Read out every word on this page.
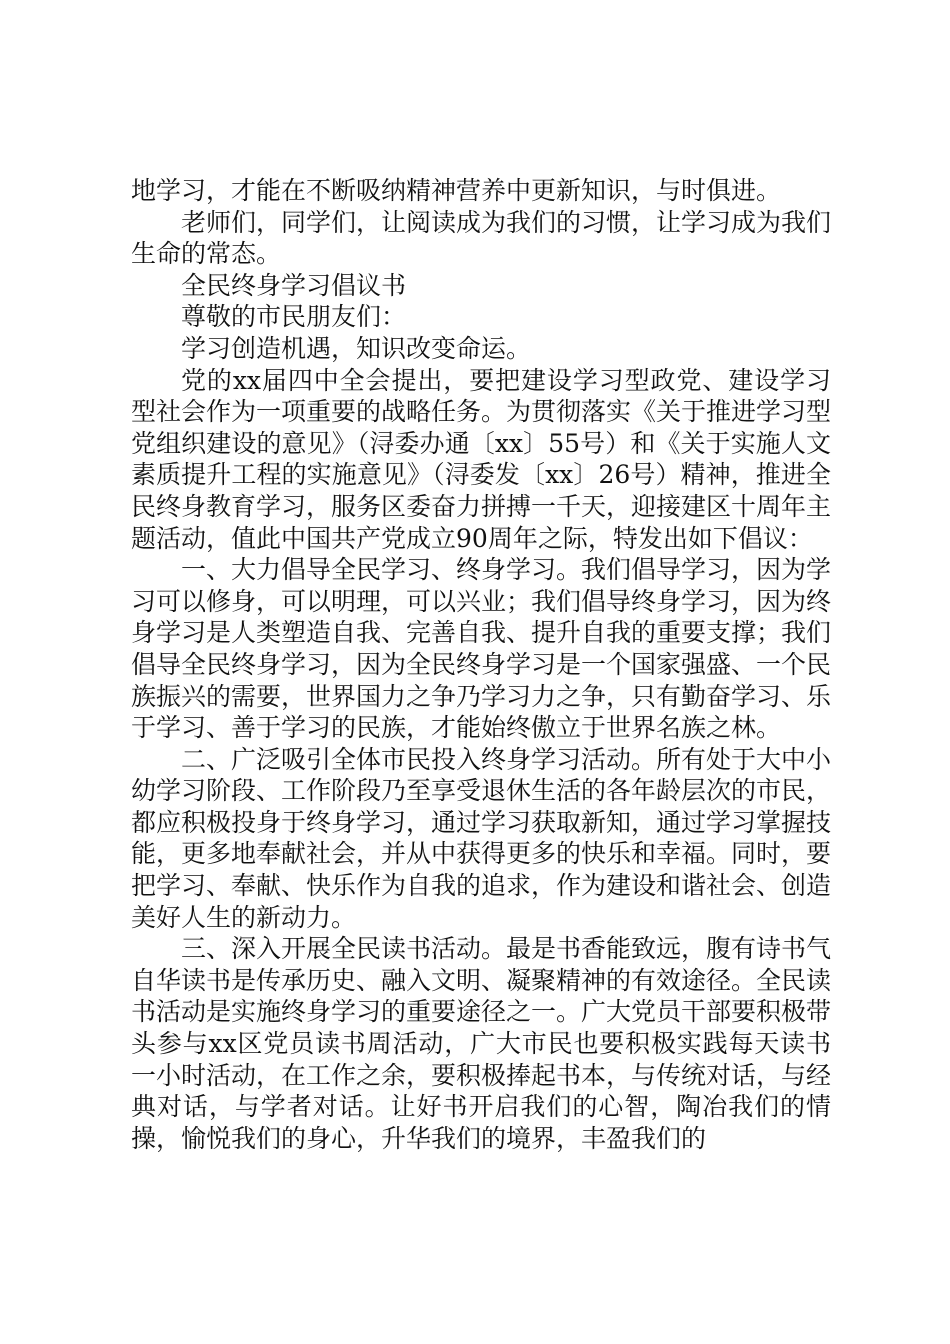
地学习，才能在不断吸纳精神营养中更新知识，与时俱进。

老师们，同学们，让阅读成为我们的习惯，让学习成为我们生命的常态。

全民终身学习倡议书

尊敬的市民朋友们：

学习创造机遇，知识改变命运。

党的xx届四中全会提出，要把建设学习型政党、建设学习型社会作为一项重要的战略任务。为贯彻落实《关于推进学习型党组织建设的意见》（浔委办通〔xx〕55号）和《关于实施人文素质提升工程的实施意见》（浔委发〔xx〕26号）精神，推进全民终身教育学习，服务区委奋力拼搏一千天，迎接建区十周年主题活动，值此中国共产党成立90周年之际，特发出如下倡议：

一、大力倡导全民学习、终身学习。我们倡导学习，因为学习可以修身，可以明理，可以兴业；我们倡导终身学习，因为终身学习是人类塑造自我、完善自我、提升自我的重要支撑；我们倡导全民终身学习，因为全民终身学习是一个国家强盛、一个民族振兴的需要，世界国力之争乃学习力之争，只有勤奋学习、乐于学习、善于学习的民族，才能始终傲立于世界名族之林。

二、广泛吸引全体市民投入终身学习活动。所有处于大中小幼学习阶段、工作阶段乃至享受退休生活的各年龄层次的市民，都应积极投身于终身学习，通过学习获取新知，通过学习掌握技能，更多地奉献社会，并从中获得更多的快乐和幸福。同时，要把学习、奉献、快乐作为自我的追求，作为建设和谐社会、创造美好人生的新动力。

三、深入开展全民读书活动。最是书香能致远，腹有诗书气自华读书是传承历史、融入文明、凝聚精神的有效途径。全民读书活动是实施终身学习的重要途径之一。广大党员干部要积极带头参与xx区党员读书周活动，广大市民也要积极实践每天读书一小时活动，在工作之余，要积极捧起书本，与传统对话，与经典对话，与学者对话。让好书开启我们的心智，陶冶我们的情操，愉悦我们的身心，升华我们的境界，丰盈我们的
